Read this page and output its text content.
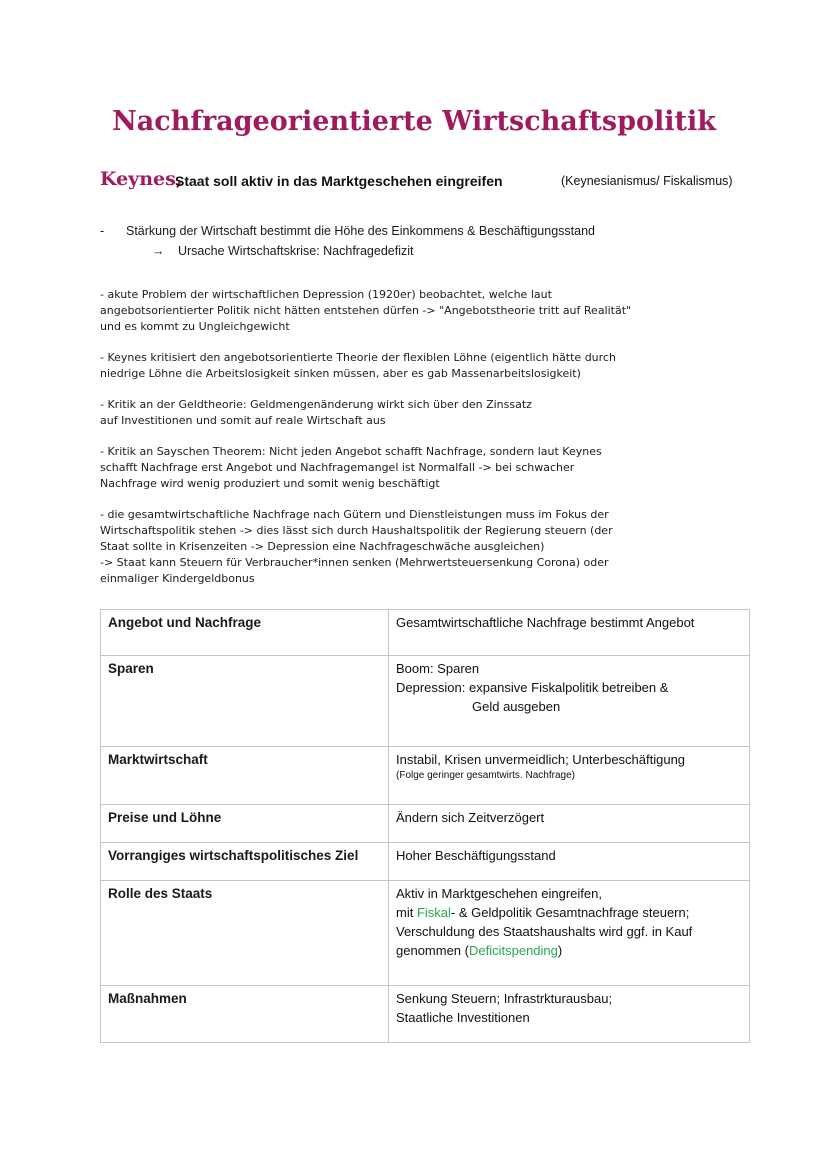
Nachfrageorientierte Wirtschaftspolitik
Keynes,
Staat soll aktiv in das Marktgeschehen eingreifen	(Keynesianismus/ Fiskalismus)
- Stärkung der Wirtschaft bestimmt die Höhe des Einkommens & Beschäftigungsstand
→ Ursache Wirtschaftskrise: Nachfragedefizit
- akute Problem der wirtschaftlichen Depression (1920er) beobachtet, welche laut
angebotsorientierter Politik nicht hätten entstehen dürfen -> "Angebotstheorie tritt auf Realität"
und es kommt zu Ungleichgewicht
- Keynes kritisiert den angebotsorientierte Theorie der flexiblen Löhne (eigentlich hätte durch
niedrige Löhne die Arbeitslosigkeit sinken müssen, aber es gab Massenarbeitslosigkeit)
- Kritik an der Geldtheorie: Geldmengenänderung wirkt sich über den Zinssatz
auf Investitionen und somit auf reale Wirtschaft aus
- Kritik an Sayschen Theorem: Nicht jeden Angebot schafft Nachfrage, sondern laut Keynes
schafft Nachfrage erst Angebot und Nachfragemangel ist Normalfall -> bei schwacher
Nachfrage wird wenig produziert und somit wenig beschäftigt
- die gesamtwirtschaftliche Nachfrage nach Gütern und Dienstleistungen muss im Fokus der
Wirtschaftspolitik stehen -> dies lässt sich durch Haushaltspolitik der Regierung steuern (der
Staat sollte in Krisenzeiten -> Depression eine Nachfrageschwäche ausgleichen)
-> Staat kann Steuern für Verbraucher*innen senken (Mehrwertsteuersenkung Corona) oder
einmaliger Kindergeldbonus
Angebot und Nachfrage	Gesamtwirtschaftliche Nachfrage bestimmt Angebot
Sparen	Boom: Sparen
Depression: expansive Fiskalpolitik betreiben &
Geld ausgeben

Marktwirtschaft	Instabil, Krisen unvermeidlich; Unterbeschäftigung
(Folge geringer gesamtwirts. Nachfrage)

Preise und Löhne	Ändern sich Zeitverzögert
Vorrangiges wirtschaftspolitisches Ziel	Hoher Beschäftigungsstand
Rolle des Staats	Aktiv in Marktgeschehen eingreifen,
mit Fiskal- & Geldpolitik Gesamtnachfrage steuern;
Verschuldung des Staatshaushalts wird ggf. in Kauf
genommen (Deficitspending)

Maßnahmen	Senkung Steuern; Infrastrkturausbau;
Staatliche Investitionen
